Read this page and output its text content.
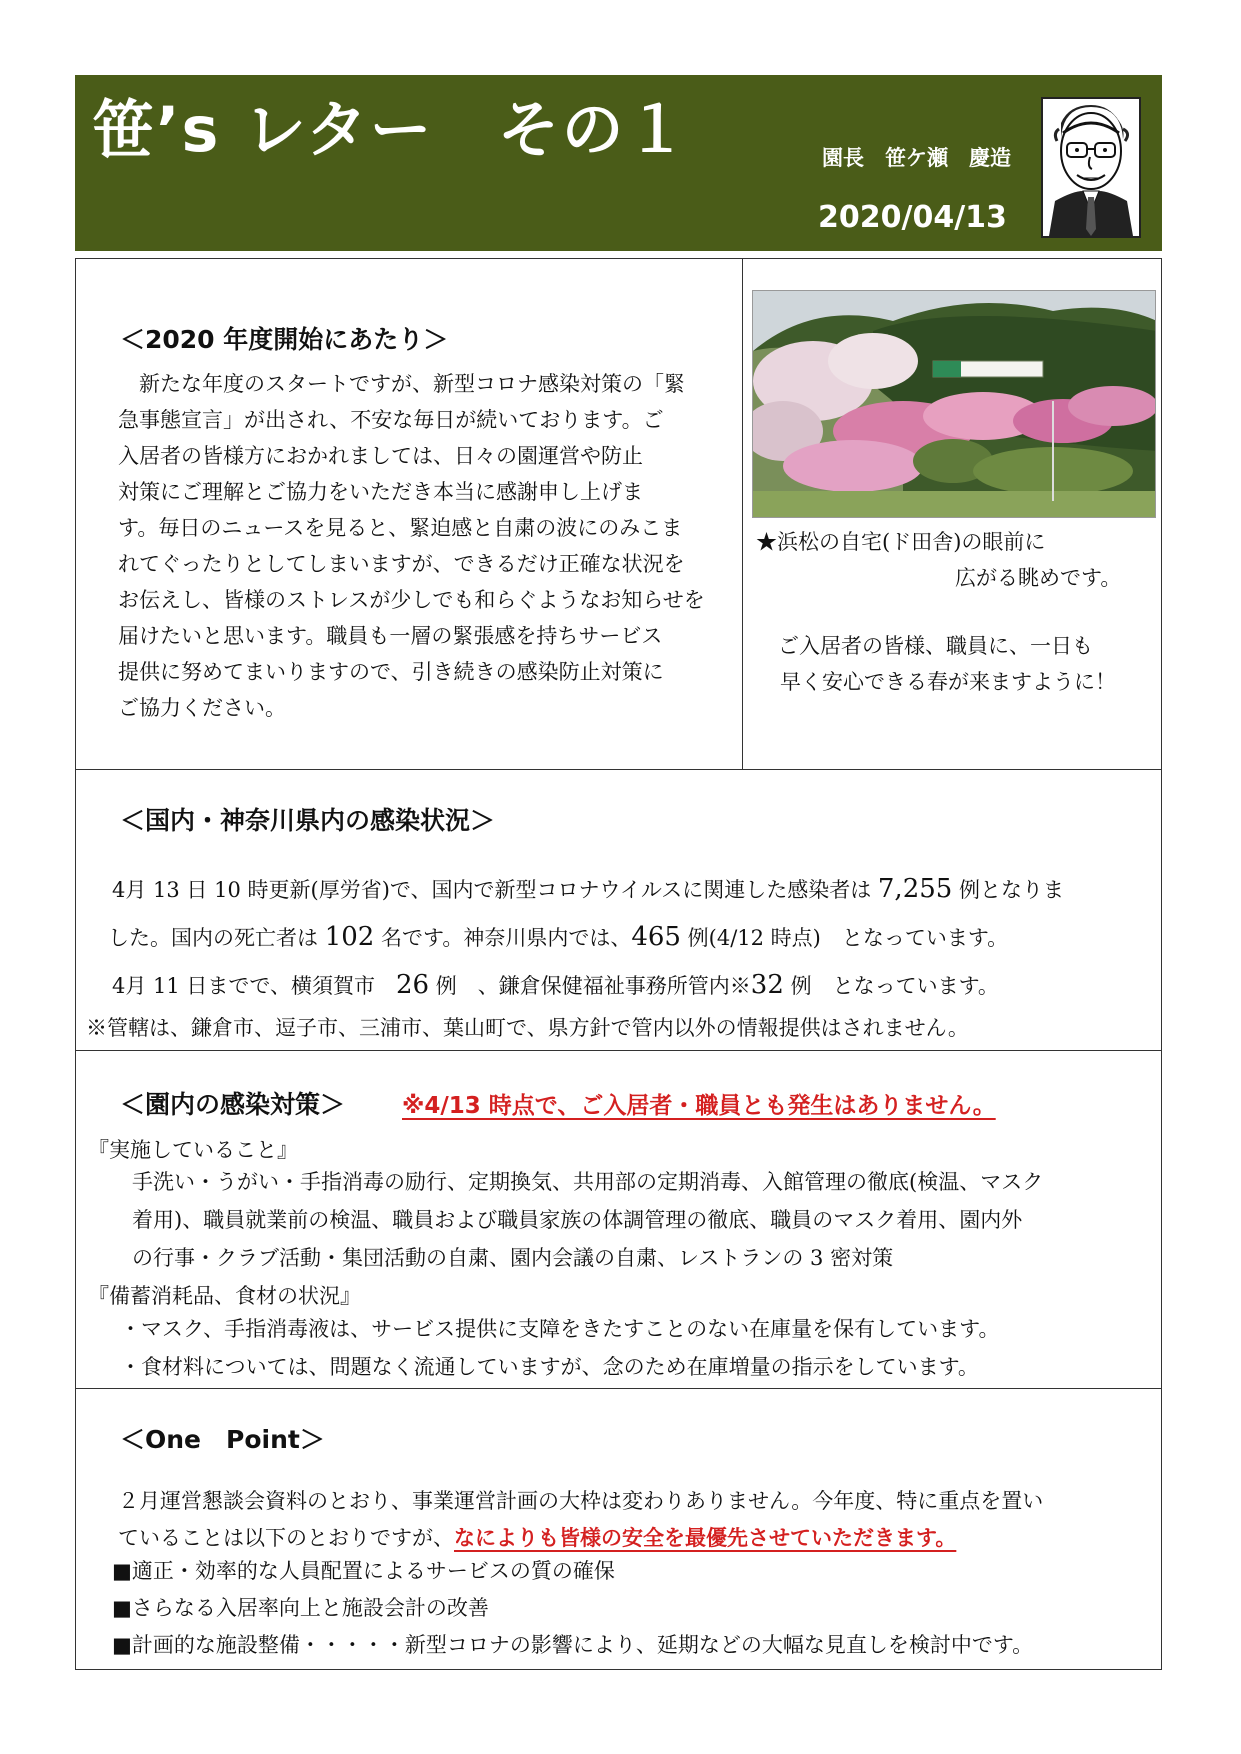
笹’s レター　その１	園長　笹ケ瀬　慶造
2020/04/13
＜2020 年度開始にあたり＞
　新たな年度のスタートですが、新型コロナ感染対策の「緊
急事態宣言」が出され、不安な毎日が続いております。ご
入居者の皆様方におかれましては、日々の園運営や防止
対策にご理解とご協力をいただき本当に感謝申し上げま
す。毎日のニュースを見ると、緊迫感と自粛の波にのみこま
れてぐったりとしてしまいますが、できるだけ正確な状況を
お伝えし、皆様のストレスが少しでも和らぐようなお知らせを
届けたいと思います。職員も一層の緊張感を持ちサービス
提供に努めてまいりますので、引き続きの感染防止対策に
ご協力ください。
★浜松の自宅(ド田舎)の眼前に
広がる眺めです。
ご入居者の皆様、職員に、一日も
早く安心できる春が来ますように！
＜国内・神奈川県内の感染状況＞
4月 13 日 10 時更新(厚労省)で、国内で新型コロナウイルスに関連した感染者は 7,255 例となりま
した。国内の死亡者は 102 名です。神奈川県内では、465 例(4/12 時点)　となっています。
4月 11 日までで、横須賀市　26 例　、鎌倉保健福祉事務所管内※32 例　となっています。
※管轄は、鎌倉市、逗子市、三浦市、葉山町で、県方針で管内以外の情報提供はされません。
＜園内の感染対策＞ ※4/13 時点で、ご入居者・職員とも発生はありません。
『実施していること』
手洗い・うがい・手指消毒の励行、定期換気、共用部の定期消毒、入館管理の徹底(検温、マスク
着用)、職員就業前の検温、職員および職員家族の体調管理の徹底、職員のマスク着用、園内外
の行事・クラブ活動・集団活動の自粛、園内会議の自粛、レストランの 3 密対策
『備蓄消耗品、食材の状況』
・マスク、手指消毒液は、サービス提供に支障をきたすことのない在庫量を保有しています。
・食材料については、問題なく流通していますが、念のため在庫増量の指示をしています。
＜One　Point＞
２月運営懇談会資料のとおり、事業運営計画の大枠は変わりありません。今年度、特に重点を置い
ていることは以下のとおりですが、なによりも皆様の安全を最優先させていただきます。
■適正・効率的な人員配置によるサービスの質の確保
■さらなる入居率向上と施設会計の改善
■計画的な施設整備・・・・・新型コロナの影響により、延期などの大幅な見直しを検討中です。
